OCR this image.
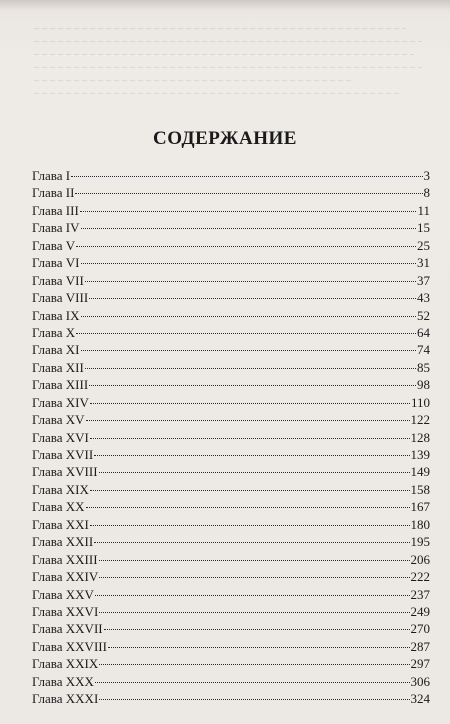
СОДЕРЖАНИЕ
Глава I	3
Глава II	8
Глава III	11
Глава IV	15
Глава V	25
Глава VI	31
Глава VII	37
Глава VIII	43
Глава IX	52
Глава X	64
Глава XI	74
Глава XII	85
Глава XIII	98
Глава XIV	110
Глава XV	122
Глава XVI	128
Глава XVII	139
Глава XVIII	149
Глава XIX	158
Глава XX	167
Глава XXI	180
Глава XXII	195
Глава XXIII	206
Глава XXIV	222
Глава XXV	237
Глава XXVI	249
Глава XXVII	270
Глава XXVIII	287
Глава XXIX	297
Глава XXX	306
Глава XXXI	324
